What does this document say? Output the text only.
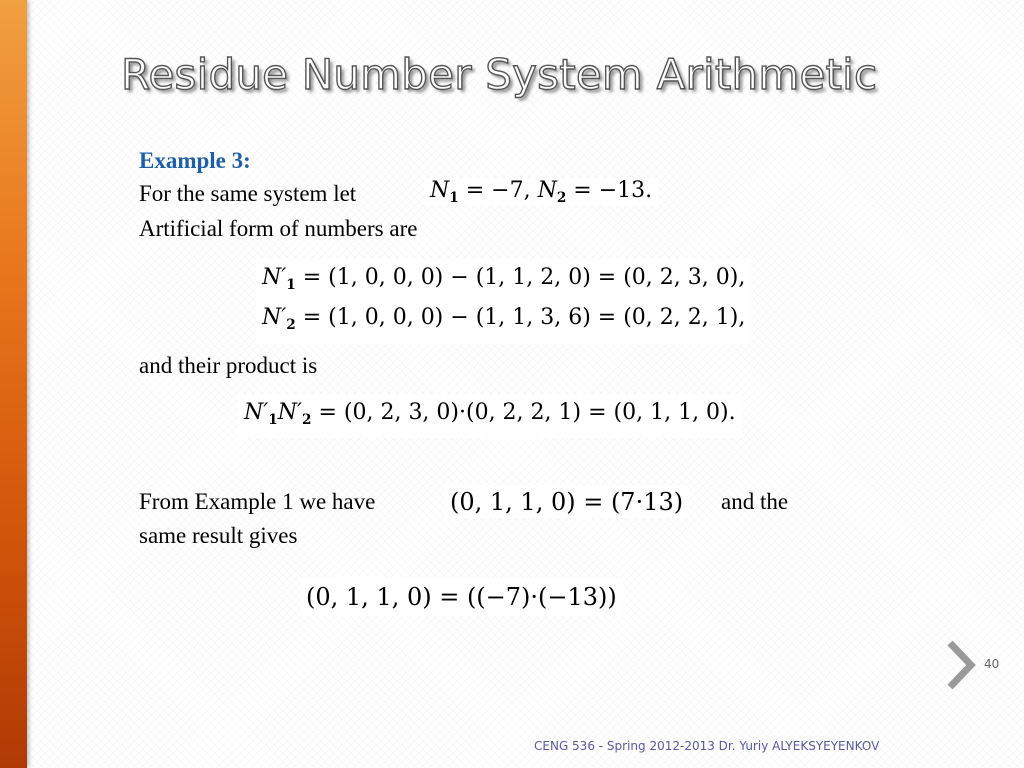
Residue Number System Arithmetic
Example 3:
For the same system let	$N_1 = -7$, $N_2 = -13$.
Artificial form of numbers are
$N'_1 = (1$, 0, 0, 0) − (1, 1, 2, 0) = (0, 2, 3, 0),
$N'_2 = (1$, 0, 0, 0) − (1, 1, 3, 6) = (0, 2, 2, 1),
and their product is
$N'_1N'_2 = (0$, 2, 3, 0)·(0, 2, 2, 1) = (0, 1, 1, 0).
From Example 1 we have	(0, 1, 1, 0) = (7·13) and the
same result gives
(0, 1, 1, 0) = ((−7)·(−13))
40
CENG 536 - Spring 2012-2013 Dr. Yuriy ALYEKSYEYENKOV
